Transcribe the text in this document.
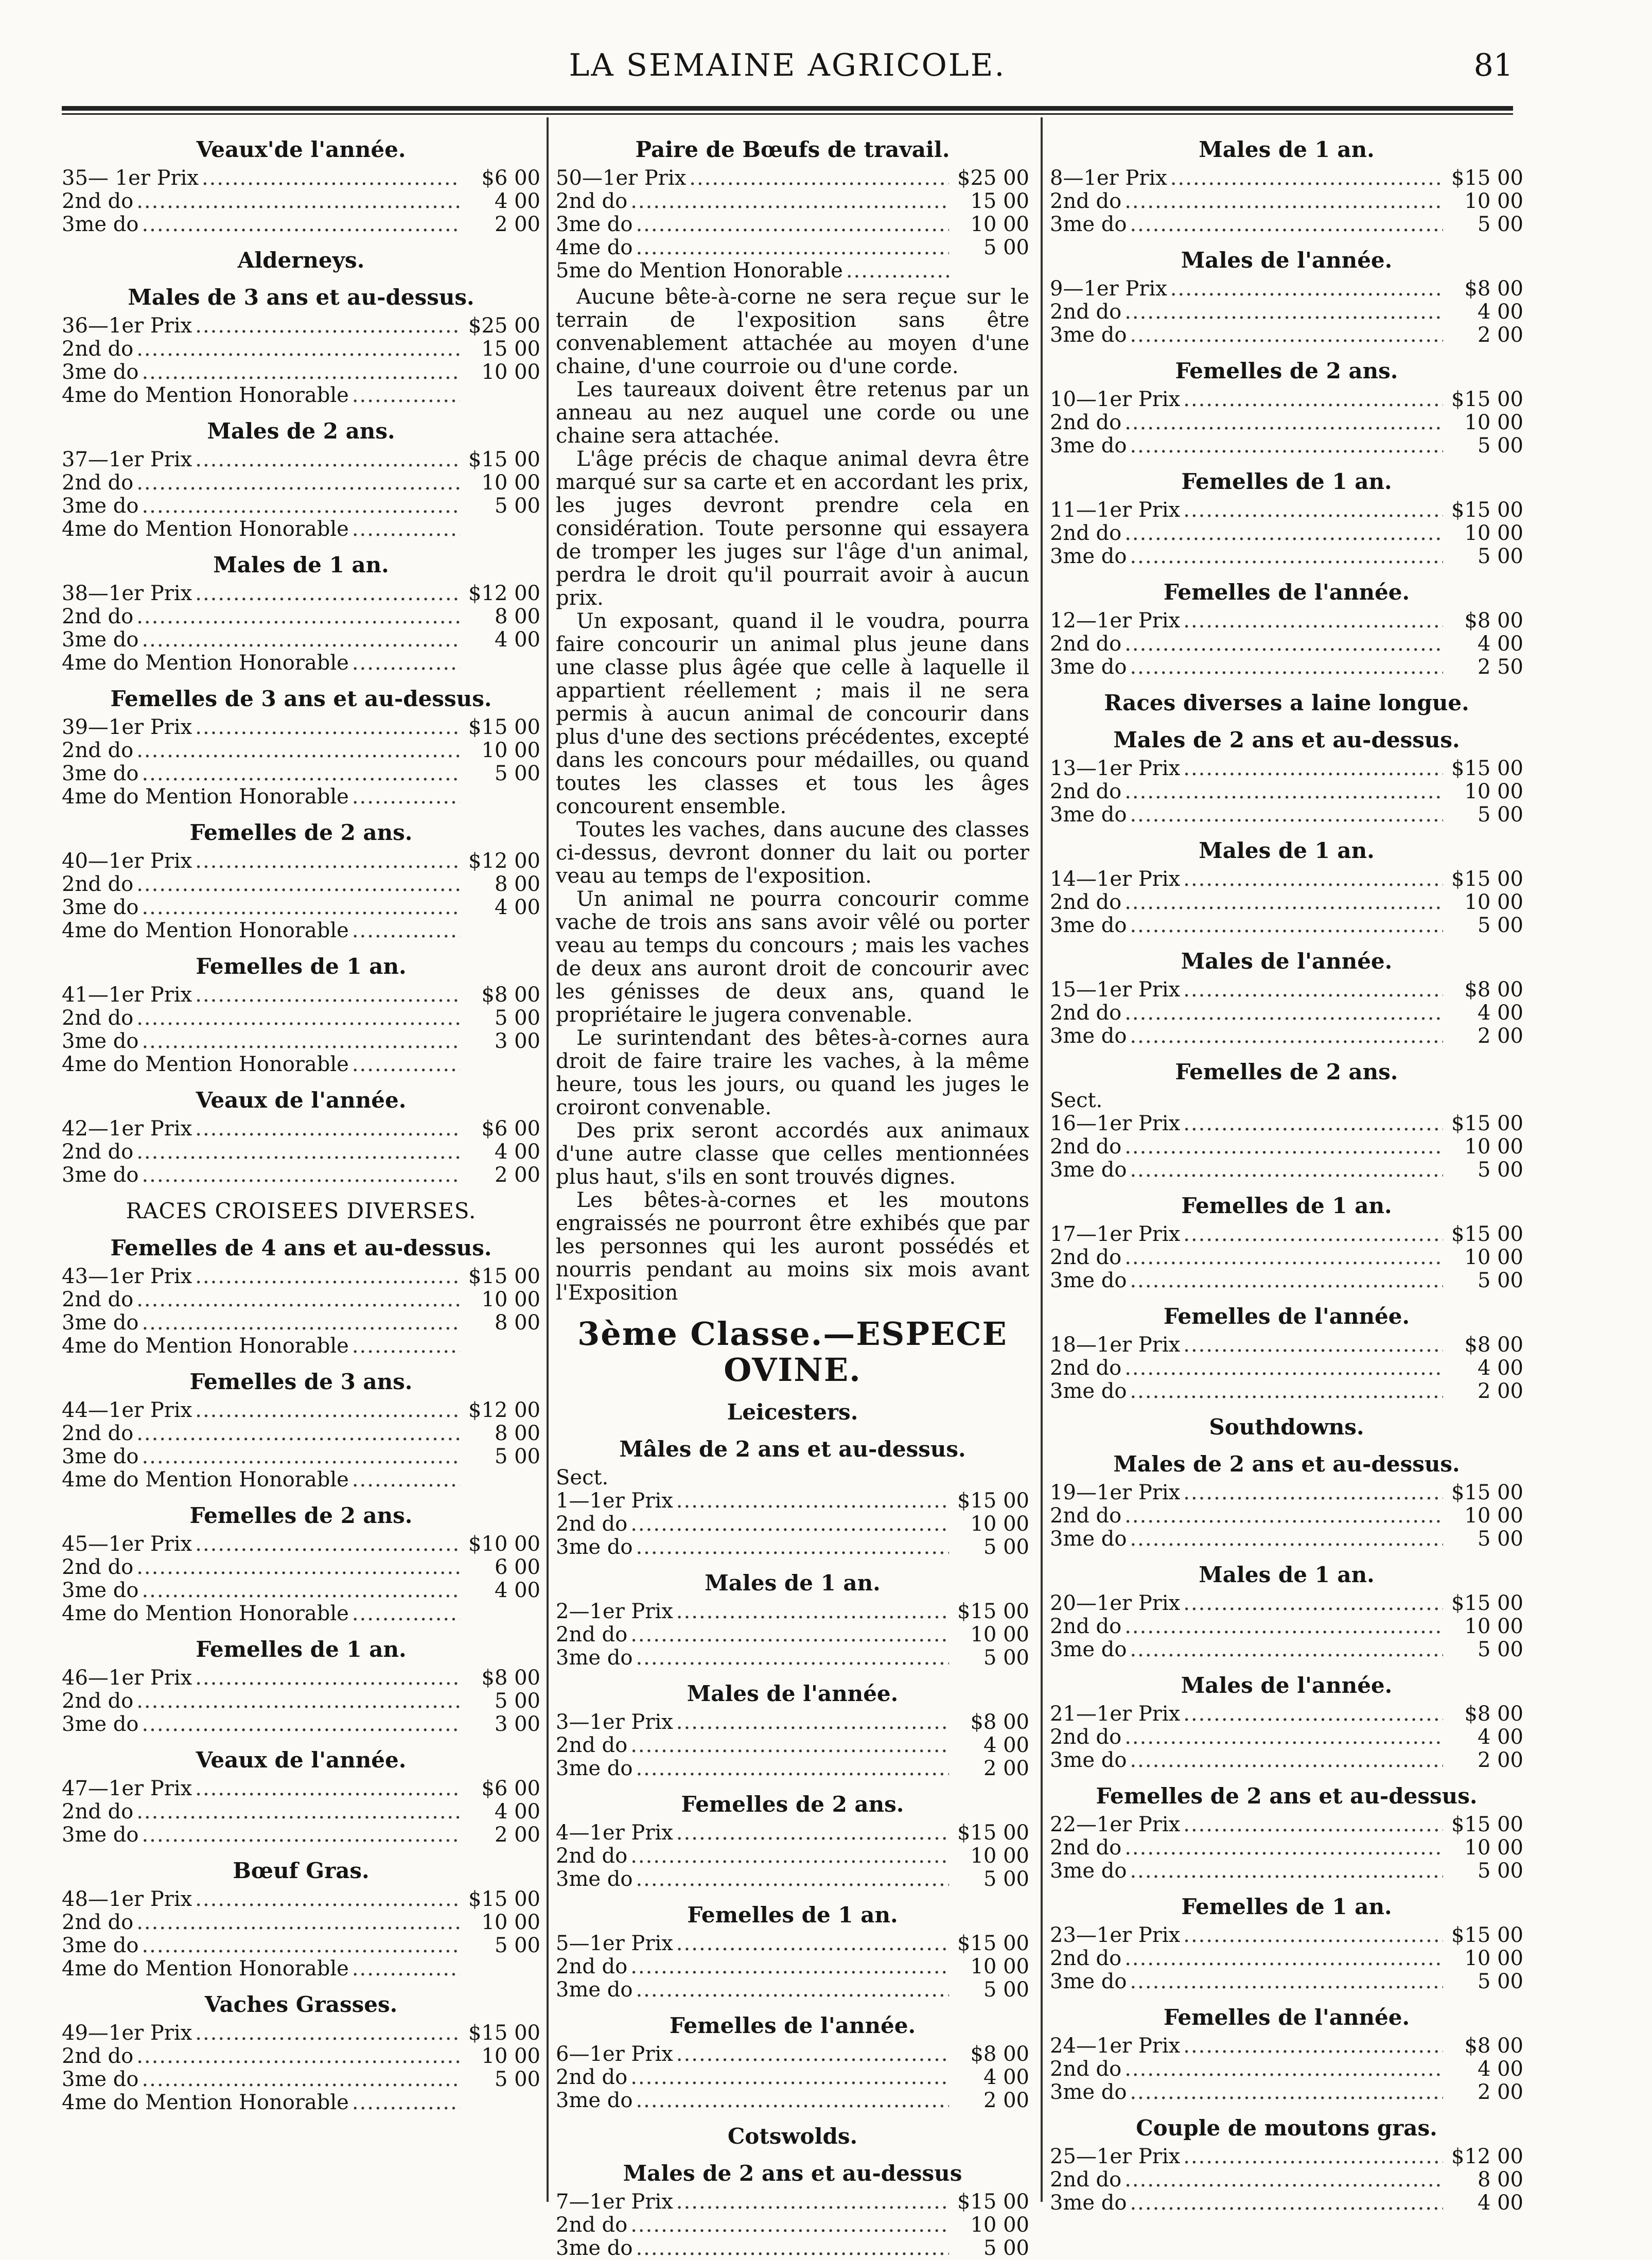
LA SEMAINE AGRICOLE.	81
Veaux'de l'année.
35— 1er Prix .....	$6 00
2nd do .....	4 00
3me do .....	2 00
Alderneys.
Males de 3 ans et au-dessus.
36—1er Prix .....	$25 00
2nd do .....	15 00
3me do .....	10 00
4me do Mention Honorable
.....
Males de 2 ans.
37—1er Prix .....	$15 00
2nd do .....	10 00
3me do .....	5 00
4me do Mention Honorable
.....
Males de 1 an.
38—1er Prix .....	$12 00
2nd do .....	8 00
3me do .....	4 00
4me do Mention Honorable
.....
Femelles de 3 ans et au-dessus.
39—1er Prix .....	$15 00
2nd do .....	10 00
3me do .....	5 00
4me do Mention Honorable
.....
Femelles de 2 ans.
40—1er Prix .....	$12 00
2nd do .....	8 00
3me do .....	4 00
4me do Mention Honorable
.....
Femelles de 1 an.
41—1er Prix .....	$8 00
2nd do .....	5 00
3me do .....	3 00
4me do Mention Honorable
.....
Veaux de l'année.
42—1er Prix .....	$6 00
2nd do .....	4 00
3me do .....	2 00
RACES CROISEES DIVERSES.
Femelles de 4 ans et au-dessus.
43—1er Prix .....	$15 00
2nd do .....	10 00
3me do .....	8 00
4me do Mention Honorable
.....
Femelles de 3 ans.
44—1er Prix .....	$12 00
2nd do .....	8 00
3me do .....	5 00
4me do Mention Honorable
.....
Femelles de 2 ans.
45—1er Prix .....	$10 00
2nd do .....	6 00
3me do .....	4 00
4me do Mention Honorable
.....
Femelles de 1 an.
46—1er Prix .....	$8 00
2nd do .....	5 00
3me do .....	3 00
Veaux de l'année.
47—1er Prix .....	$6 00
2nd do .....	4 00
3me do .....	2 00
Bœuf Gras.
48—1er Prix .....	$15 00
2nd do .....	10 00
3me do .....	5 00
4me do Mention Honorable
.....
Vaches Grasses.
49—1er Prix .....	$15 00
2nd do .....	10 00
3me do .....	5 00
4me do Mention Honorable
.....
Paire de Bœufs de travail.
50—1er Prix .....	$25 00
2nd do .....	15 00
3me do .....	10 00
4me do .....	5 00
5me do Mention Honorable
.....

Aucune bête-à-corne ne sera reçue sur le terrain de l'exposition sans être convenablement attachée au moyen d'une chaine, d'une courroie ou d'une corde.

Les taureaux doivent être retenus par un anneau au nez auquel une corde ou une chaine sera attachée.

L'âge précis de chaque animal devra être marqué sur sa carte et en accordant les prix, les juges devront prendre cela en considération. Toute personne qui essayera de tromper les juges sur l'âge d'un animal, perdra le droit qu'il pourrait avoir à aucun prix.

Un exposant, quand il le voudra, pourra faire concourir un animal plus jeune dans une classe plus âgée que celle à laquelle il appartient réellement ; mais il ne sera permis à aucun animal de concourir dans plus d'une des sections précédentes, excepté dans les concours pour médailles, ou quand toutes les classes et tous les âges concourent ensemble.

Toutes les vaches, dans aucune des classes ci-dessus, devront donner du lait ou porter veau au temps de l'exposition.

Un animal ne pourra concourir comme vache de trois ans sans avoir vêlé ou porter veau au temps du concours ; mais les vaches de deux ans auront droit de concourir avec les génisses de deux ans, quand le propriétaire le jugera convenable.

Le surintendant des bêtes-à-cornes aura droit de faire traire les vaches, à la même heure, tous les jours, ou quand les juges le croiront convenable.

Des prix seront accordés aux animaux d'une autre classe que celles mentionnées plus haut, s'ils en sont trouvés dignes.

Les bêtes-à-cornes et les moutons engraissés ne pourront être exhibés que par les personnes qui les auront possédés et nourris pendant au moins six mois avant l'Exposition

3ème Classe.—ESPECE OVINE.
Leicesters.
Mâles de 2 ans et au-dessus.
Sect.
1—1er Prix .....	$15 00
2nd do .....	10 00
3me do .....	5 00
Males de 1 an.
2—1er Prix .....	$15 00
2nd do .....	10 00
3me do .....	5 00
Males de l'année.
3—1er Prix .....	$8 00
2nd do .....	4 00
3me do .....	2 00
Femelles de 2 ans.
4—1er Prix .....	$15 00
2nd do .....	10 00
3me do .....	5 00
Femelles de 1 an.
5—1er Prix .....	$15 00
2nd do .....	10 00
3me do .....	5 00
Femelles de l'année.
6—1er Prix .....	$8 00
2nd do .....	4 00
3me do .....	2 00
Cotswolds.
Males de 2 ans et au-dessus
7—1er Prix .....	$15 00
2nd do .....	10 00
3me do .....	5 00
Males de 1 an.
8—1er Prix .....	$15 00
2nd do .....	10 00
3me do .....	5 00
Males de l'année.
9—1er Prix .....	$8 00
2nd do .....	4 00
3me do .....	2 00
Femelles de 2 ans.
10—1er Prix .....	$15 00
2nd do .....	10 00
3me do .....	5 00
Femelles de 1 an.
11—1er Prix .....	$15 00
2nd do .....	10 00
3me do .....	5 00
Femelles de l'année.
12—1er Prix .....	$8 00
2nd do .....	4 00
3me do .....	2 50
Races diverses a laine longue.
Males de 2 ans et au-dessus.
13—1er Prix .....	$15 00
2nd do .....	10 00
3me do .....	5 00
Males de 1 an.
14—1er Prix .....	$15 00
2nd do .....	10 00
3me do .....	5 00
Males de l'année.
15—1er Prix .....	$8 00
2nd do .....	4 00
3me do .....	2 00
Femelles de 2 ans.
Sect.
16—1er Prix .....	$15 00
2nd do .....	10 00
3me do .....	5 00
Femelles de 1 an.
17—1er Prix .....	$15 00
2nd do .....	10 00
3me do .....	5 00
Femelles de l'année.
18—1er Prix .....	$8 00
2nd do .....	4 00
3me do .....	2 00
Southdowns.
Males de 2 ans et au-dessus.
19—1er Prix .....	$15 00
2nd do .....	10 00
3me do .....	5 00
Males de 1 an.
20—1er Prix .....	$15 00
2nd do .....	10 00
3me do .....	5 00
Males de l'année.
21—1er Prix .....	$8 00
2nd do .....	4 00
3me do .....	2 00
Femelles de 2 ans et au-dessus.
22—1er Prix .....	$15 00
2nd do .....	10 00
3me do .....	5 00
Femelles de 1 an.
23—1er Prix .....	$15 00
2nd do .....	10 00
3me do .....	5 00
Femelles de l'année.
24—1er Prix .....	$8 00
2nd do .....	4 00
3me do .....	2 00
Couple de moutons gras.
25—1er Prix .....	$12 00
2nd do .....	8 00
3me do .....	4 00
